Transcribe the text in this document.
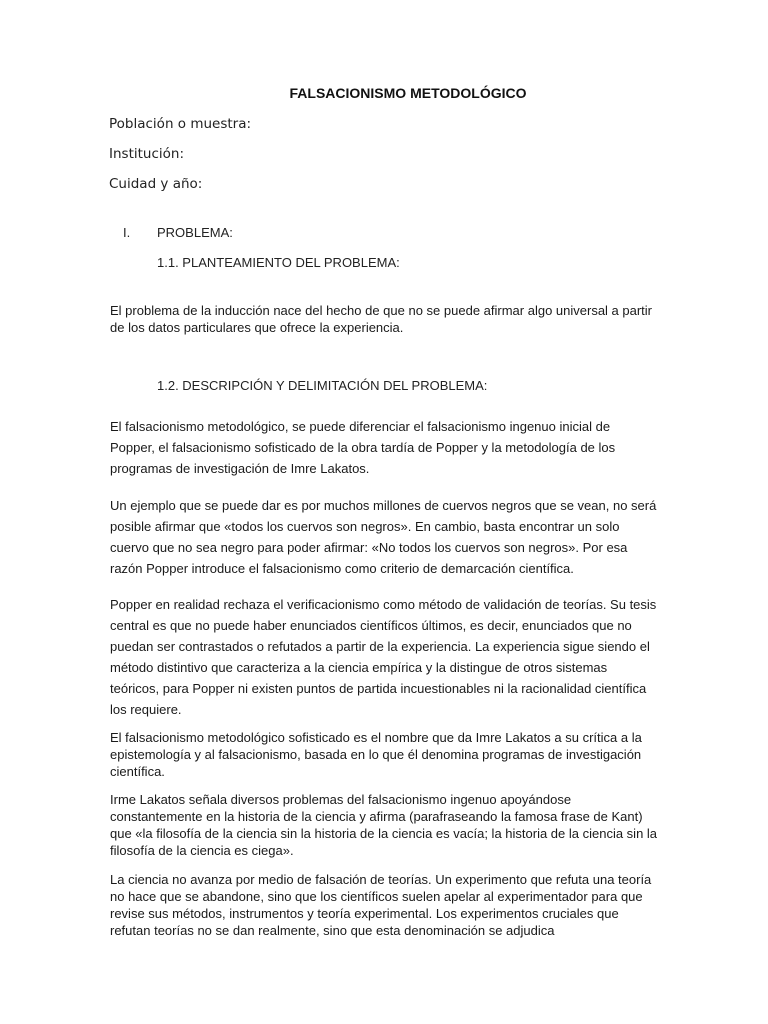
FALSACIONISMO METODOLÓGICO
Población o muestra:
Institución:
Cuidad y año:
I. PROBLEMA:
1.1. PLANTEAMIENTO DEL PROBLEMA:

El problema de la inducción nace del hecho de que no se puede afirmar algo universal a partir de los datos particulares que ofrece la experiencia.

1.2. DESCRIPCIÓN Y DELIMITACIÓN DEL PROBLEMA:

El falsacionismo metodológico, se puede diferenciar el falsacionismo ingenuo inicial de Popper, el falsacionismo sofisticado de la obra tardía de Popper y la metodología de los programas de investigación de Imre Lakatos.

Un ejemplo que se puede dar es por muchos millones de cuervos negros que se vean, no será posible afirmar que «todos los cuervos son negros». En cambio, basta encontrar un solo cuervo que no sea negro para poder afirmar: «No todos los cuervos son negros». Por esa razón Popper introduce el falsacionismo como criterio de demarcación científica.

Popper en realidad rechaza el verificacionismo como método de validación de teorías. Su tesis central es que no puede haber enunciados científicos últimos, es decir, enunciados que no puedan ser contrastados o refutados a partir de la experiencia. La experiencia sigue siendo el método distintivo que caracteriza a la ciencia empírica y la distingue de otros sistemas teóricos, para Popper ni existen puntos de partida incuestionables ni la racionalidad científica los requiere.

El falsacionismo metodológico sofisticado es el nombre que da Imre Lakatos a su crítica a la epistemología y al falsacionismo, basada en lo que él denomina programas de investigación científica.

Irme Lakatos señala diversos problemas del falsacionismo ingenuo apoyándose constantemente en la historia de la ciencia y afirma (parafraseando la famosa frase de Kant) que «la filosofía de la ciencia sin la historia de la ciencia es vacía; la historia de la ciencia sin la filosofía de la ciencia es ciega».

La ciencia no avanza por medio de falsación de teorías. Un experimento que refuta una teoría no hace que se abandone, sino que los científicos suelen apelar al experimentador para que revise sus métodos, instrumentos y teoría experimental. Los experimentos cruciales que refutan teorías no se dan realmente, sino que esta denominación se adjudica
